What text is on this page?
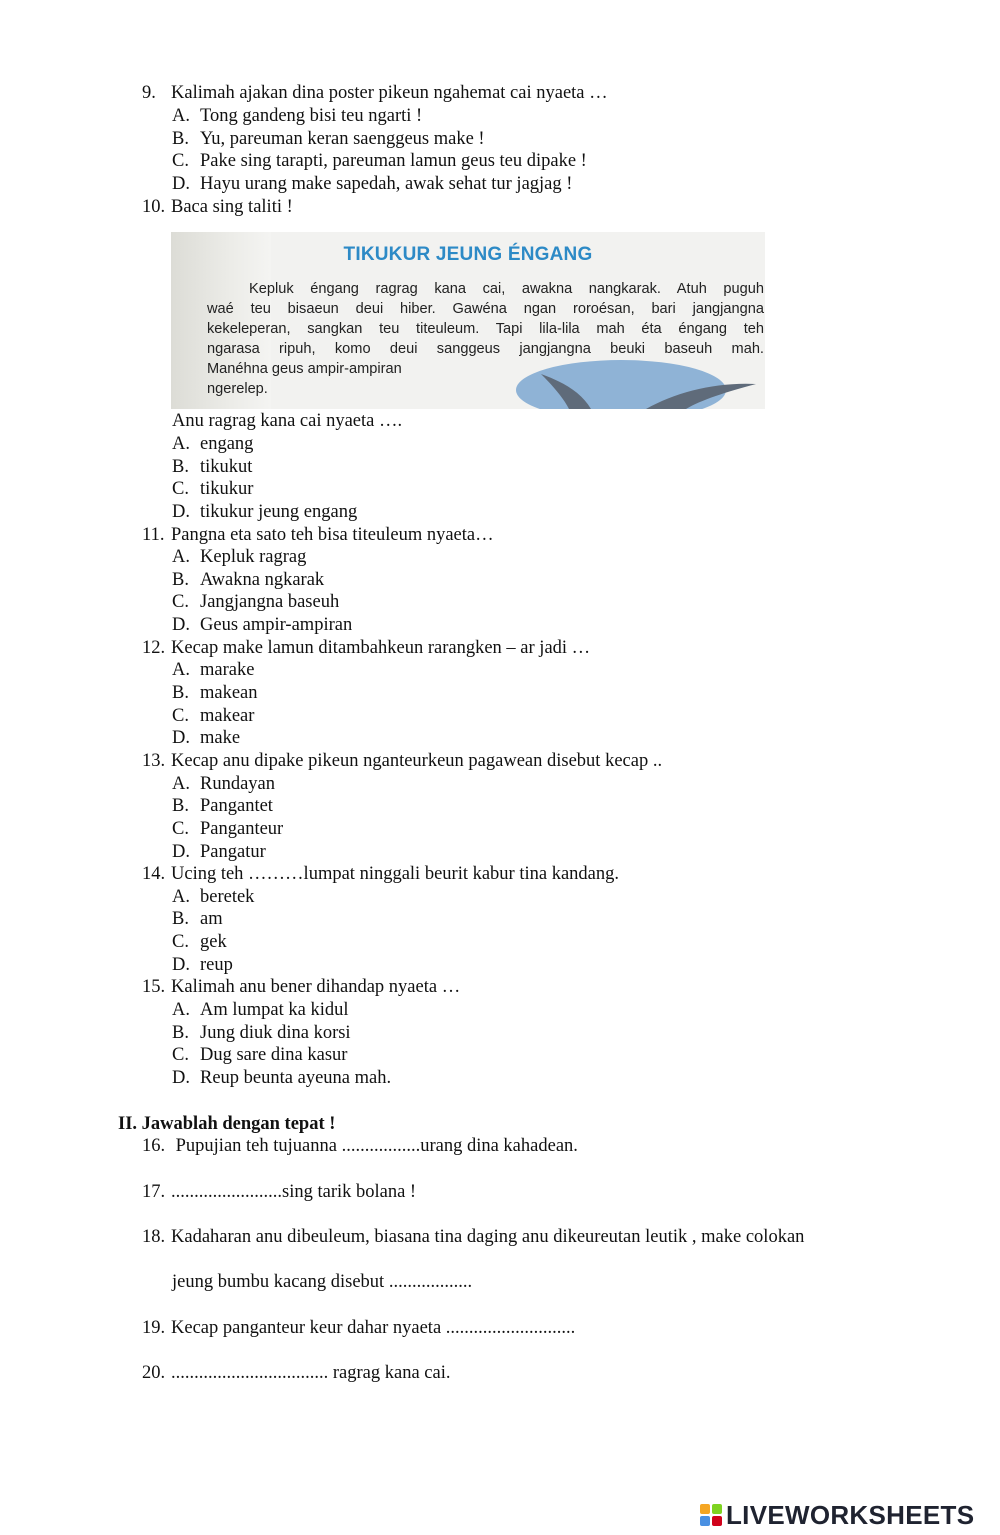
9. Kalimah ajakan dina poster pikeun ngahemat cai nyaeta …
A. Tong gandeng bisi teu ngarti !
B. Yu, pareuman keran saenggeus make !
C. Pake sing tarapti, pareuman lamun geus teu dipake !
D. Hayu urang make sapedah, awak sehat tur jagjag !
10. Baca sing taliti !
TIKUKUR JEUNG ÉNGANG
Kepluk éngang ragrag kana cai, awakna nangkarak. Atuh puguh
waé teu bisaeun deui hiber. Gawéna ngan roroésan, bari jangjangna
kekeleperan, sangkan teu titeuleum. Tapi lila-lila mah éta éngang teh
ngarasa ripuh, komo deui sanggeus jangjangna beuki baseuh mah.
Manéhna geus ampir-ampiran
ngerelep.
Anu ragrag kana cai nyaeta ….
A. engang
B. tikukut
C. tikukur
D. tikukur jeung engang
11. Pangna eta sato teh bisa titeuleum nyaeta…
A. Kepluk ragrag
B. Awakna ngkarak
C. Jangjangna baseuh
D. Geus ampir-ampiran
12. Kecap make lamun ditambahkeun rarangken – ar jadi …
A. marake
B. makean
C. makear
D. make
13. Kecap anu dipake pikeun nganteurkeun pagawean disebut kecap ..
A. Rundayan
B. Pangantet
C. Panganteur
D. Pangatur
14. Ucing teh ………lumpat ninggali beurit kabur tina kandang.
A. beretek
B. am
C. gek
D. reup
15. Kalimah anu bener dihandap nyaeta …
A. Am lumpat ka kidul
B. Jung diuk dina korsi
C. Dug sare dina kasur
D. Reup beunta ayeuna mah.
II. Jawablah dengan tepat !
16. Pupujian teh tujuanna .................urang dina kahadean.
17. ........................sing tarik bolana !
18. Kadaharan anu dibeuleum, biasana tina daging anu dikeureutan leutik , make colokan
jeung bumbu kacang disebut ..................
19. Kecap panganteur keur dahar nyaeta ............................
20. .................................. ragrag kana cai.
LIVEWORKSHEETS
